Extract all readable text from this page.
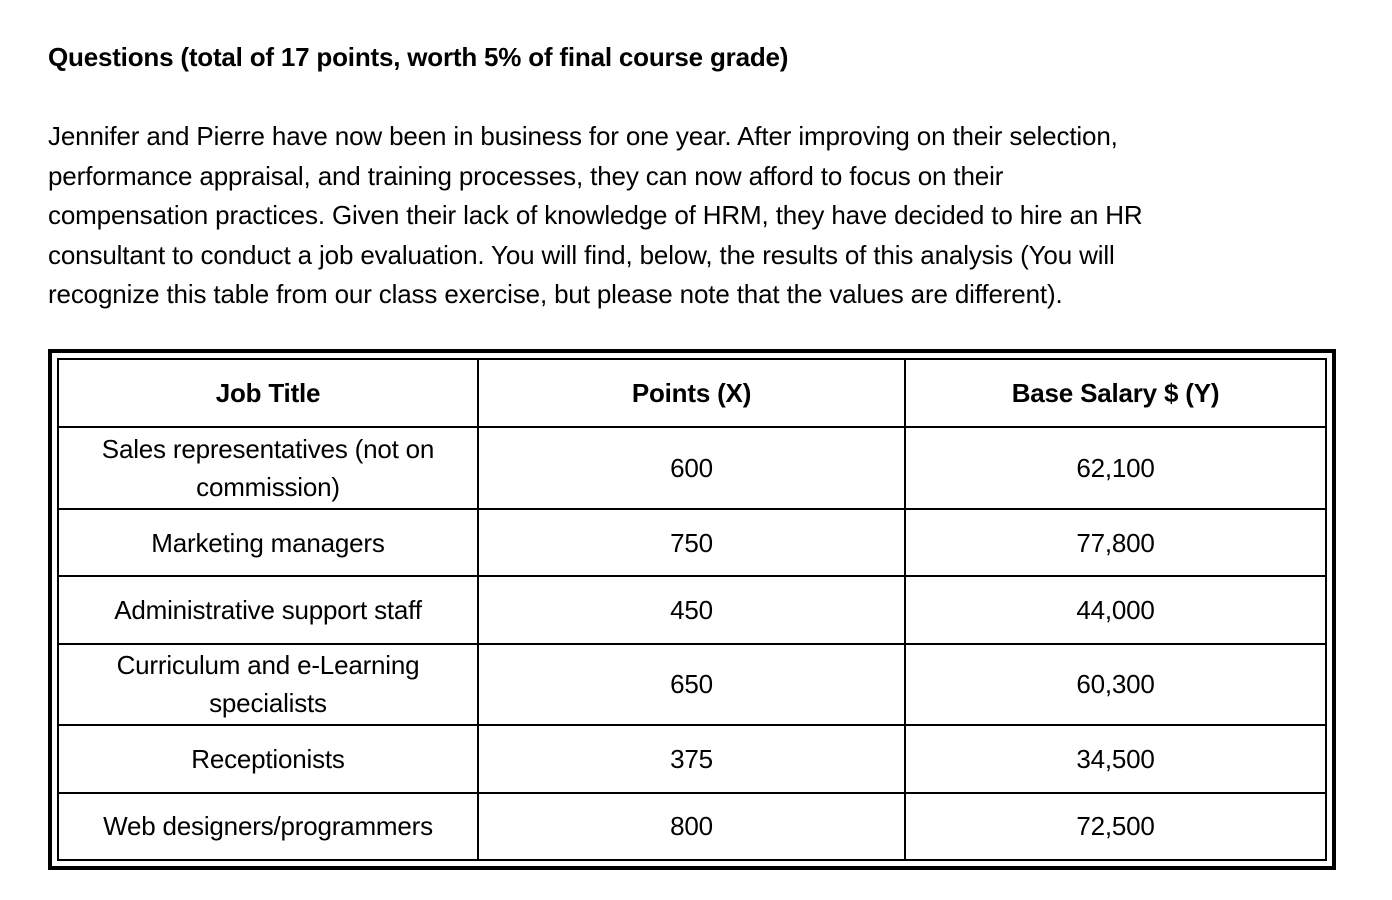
Questions (total of 17 points, worth 5% of final course grade)
Jennifer and Pierre have now been in business for one year. After improving on their selection,
performance appraisal, and training processes, they can now afford to focus on their
compensation practices. Given their lack of knowledge of HRM, they have decided to hire an HR
consultant to conduct a job evaluation. You will find, below, the results of this analysis (You will
recognize this table from our class exercise, but please note that the values are different).
Job Title	Points (X)	Base Salary $ (Y)
Sales representatives (not on commission)	600	62,100
Marketing managers	750	77,800
Administrative support staff	450	44,000
Curriculum and e-Learning specialists	650	60,300
Receptionists	375	34,500
Web designers/programmers	800	72,500
